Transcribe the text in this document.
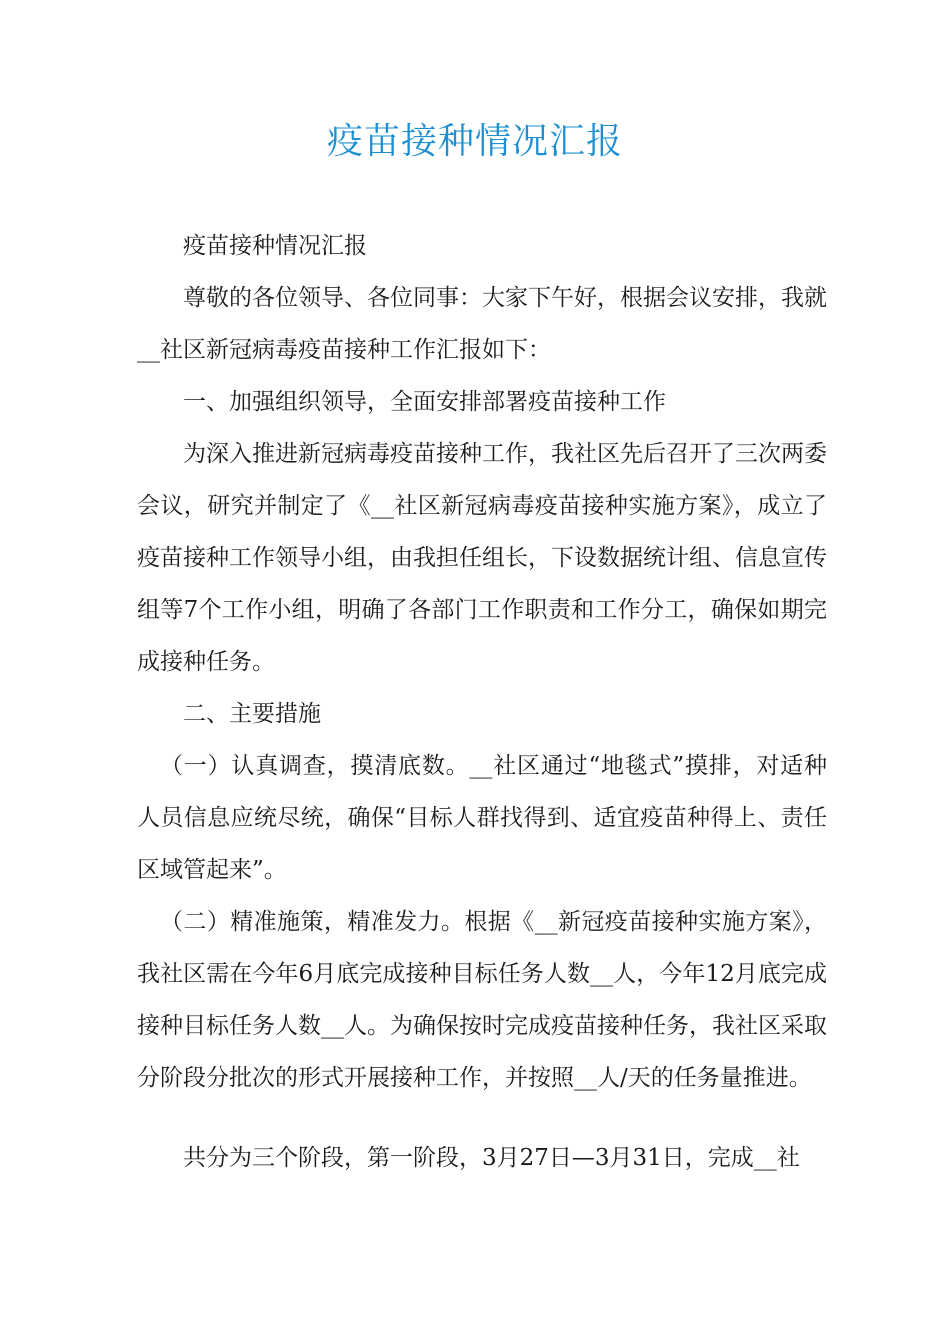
疫苗接种情况汇报

疫苗接种情况汇报

尊敬的各位领导、各位同事：大家下午好，根据会议安排，我就__社区新冠病毒疫苗接种工作汇报如下：

一、加强组织领导，全面安排部署疫苗接种工作

为深入推进新冠病毒疫苗接种工作，我社区先后召开了三次两委会议，研究并制定了《__社区新冠病毒疫苗接种实施方案》，成立了疫苗接种工作领导小组，由我担任组长，下设数据统计组、信息宣传组等7个工作小组，明确了各部门工作职责和工作分工，确保如期完成接种任务。

二、主要措施

（一）认真调查，摸清底数。__社区通过“地毯式”摸排，对适种人员信息应统尽统，确保“目标人群找得到、适宜疫苗种得上、责任区域管起来”。

（二）精准施策，精准发力。根据《__新冠疫苗接种实施方案》，我社区需在今年6月底完成接种目标任务人数__人，今年12月底完成接种目标任务人数__人。为确保按时完成疫苗接种任务，我社区采取分阶段分批次的形式开展接种工作，并按照__人/天的任务量推进。

共分为三个阶段，第一阶段，3月27日—3月31日，完成__社
